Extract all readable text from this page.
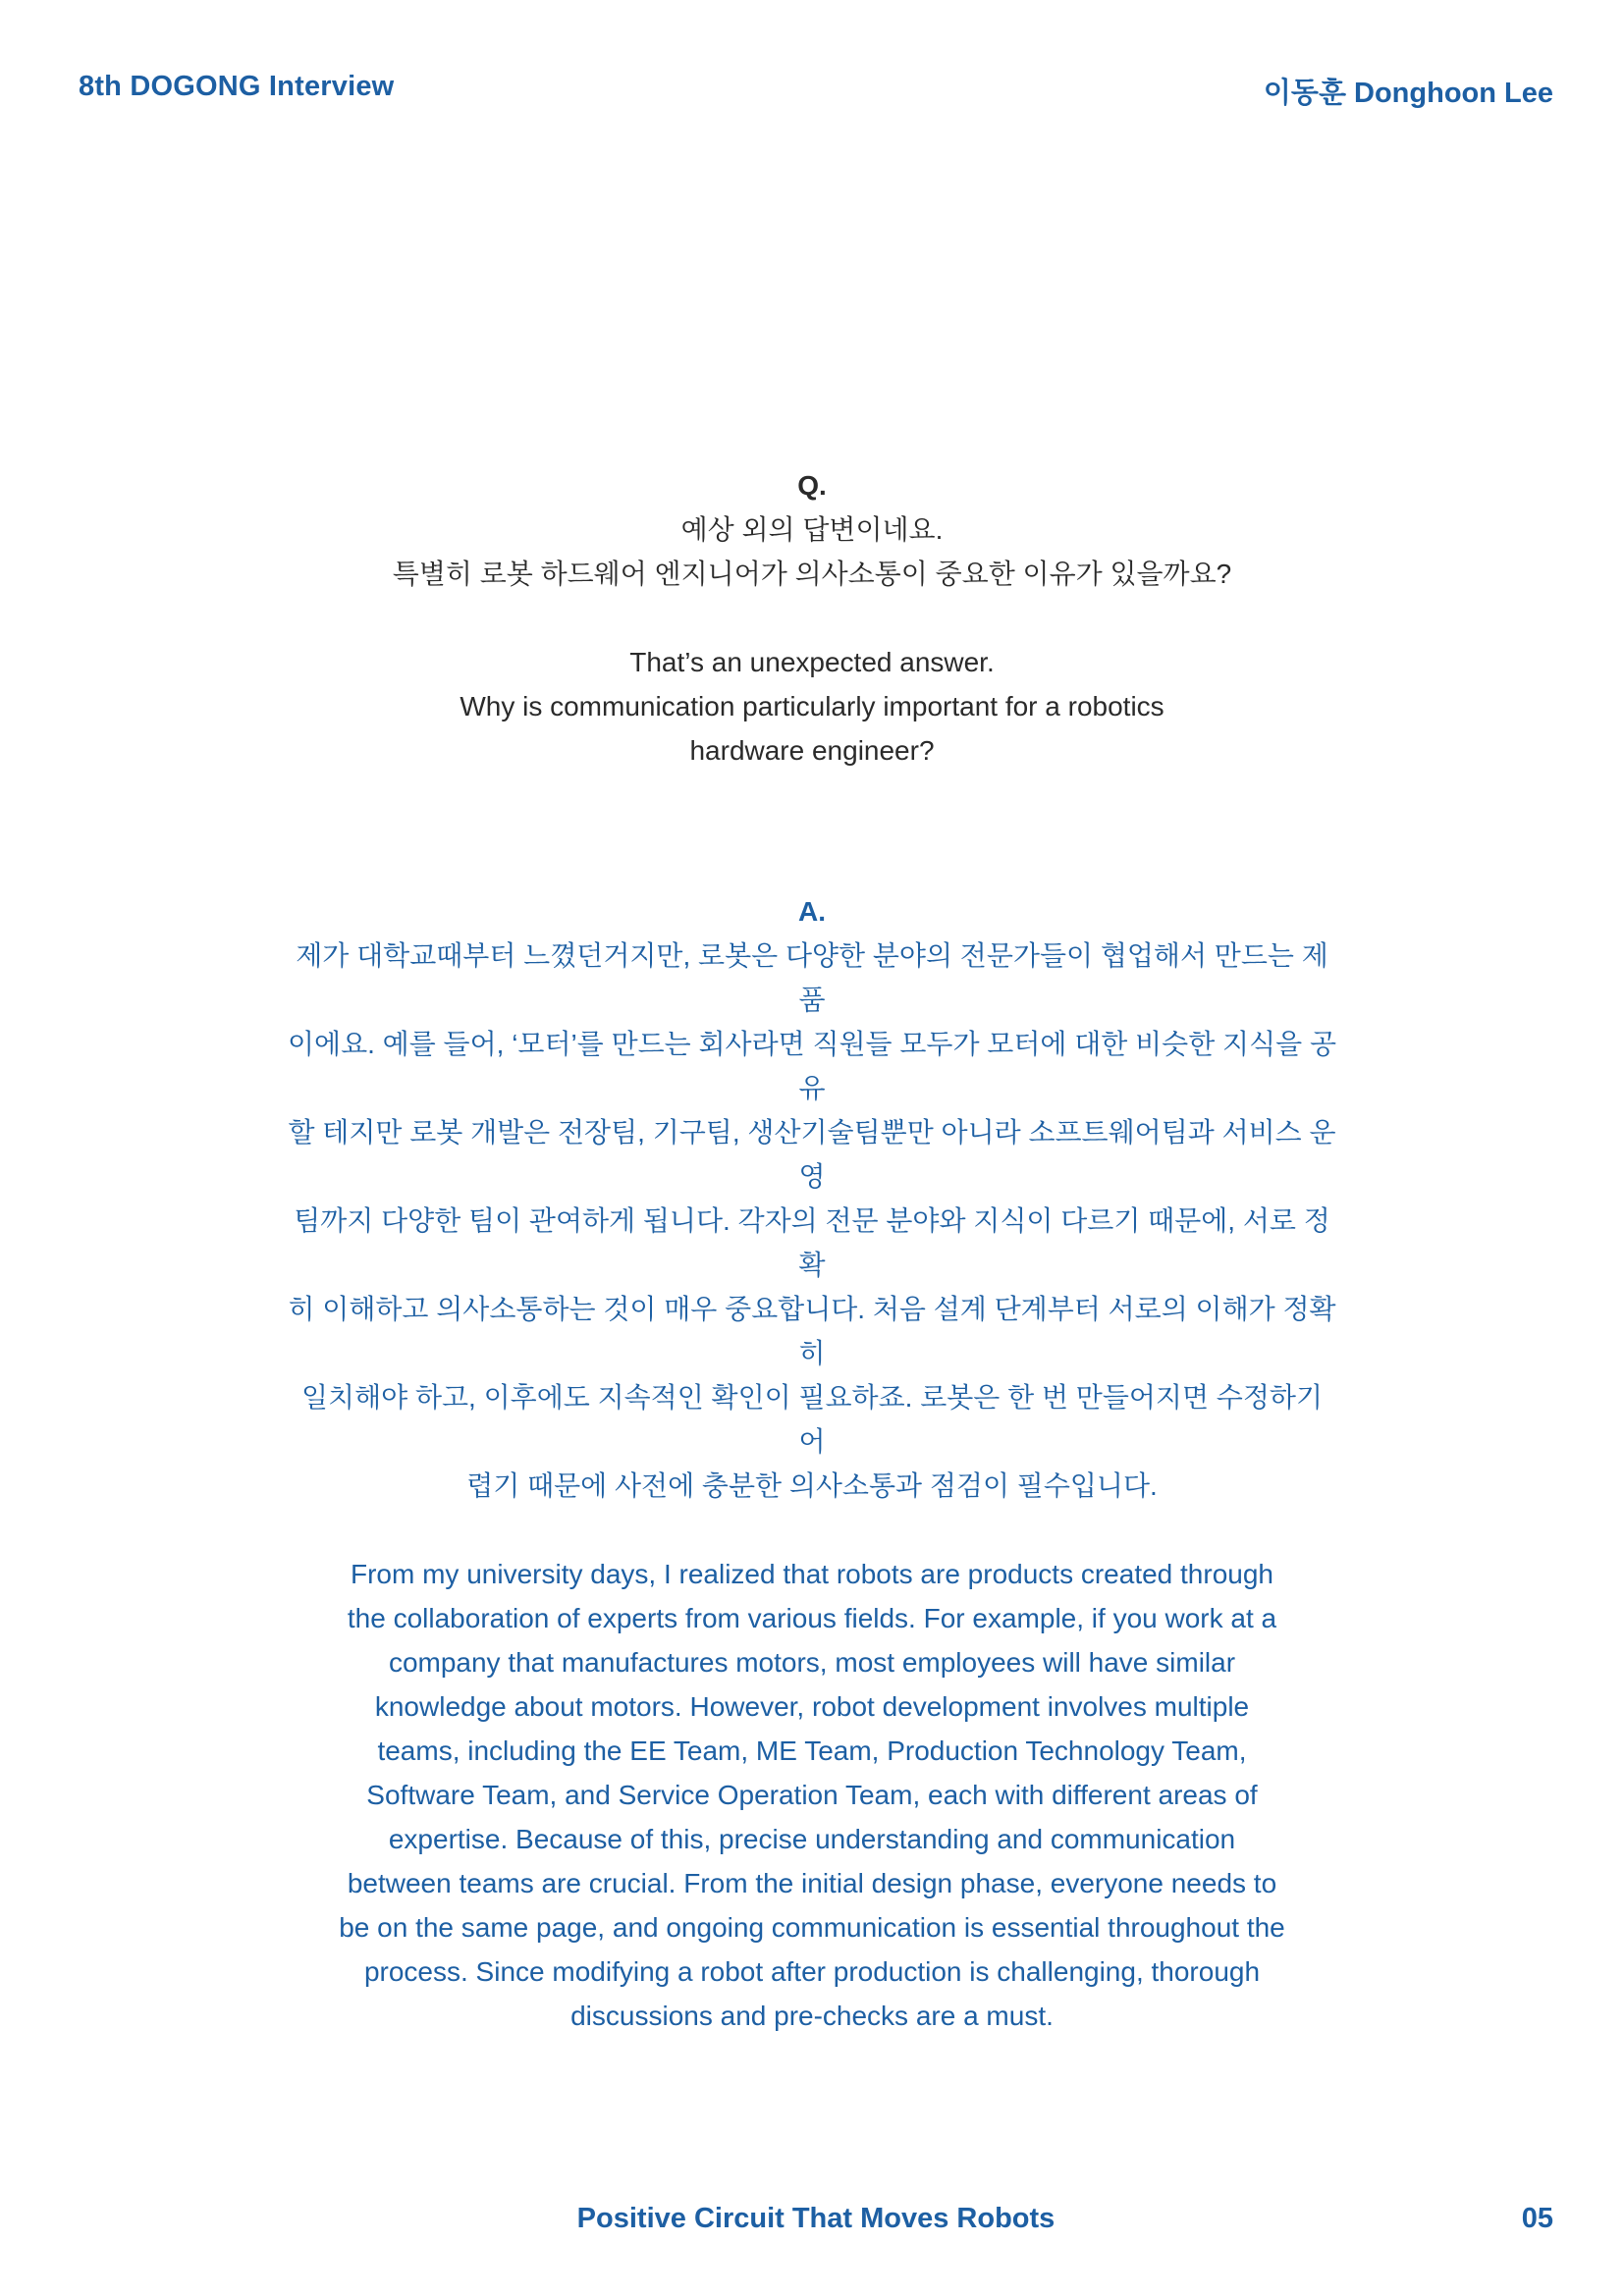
8th DOGONG Interview	이동훈 Donghoon Lee
Q.
예상 외의 답변이네요.
특별히 로봇 하드웨어 엔지니어가 의사소통이 중요한 이유가 있을까요?
That’s an unexpected answer.
Why is communication particularly important for a robotics
hardware engineer?
A.
제가 대학교때부터 느꼈던거지만, 로봇은 다양한 분야의 전문가들이 협업해서 만드는 제품
이에요. 예를 들어, ‘모터’를 만드는 회사라면 직원들 모두가 모터에 대한 비슷한 지식을 공유
할 테지만 로봇 개발은 전장팀, 기구팀, 생산기술팀뿐만 아니라 소프트웨어팀과 서비스 운영
팀까지 다양한 팀이 관여하게 됩니다. 각자의 전문 분야와 지식이 다르기 때문에, 서로 정확
히 이해하고 의사소통하는 것이 매우 중요합니다. 처음 설계 단계부터 서로의 이해가 정확히
일치해야 하고, 이후에도 지속적인 확인이 필요하죠. 로봇은 한 번 만들어지면 수정하기 어
렵기 때문에 사전에 충분한 의사소통과 점검이 필수입니다.
From my university days, I realized that robots are products created through
the collaboration of experts from various fields. For example, if you work at a
company that manufactures motors, most employees will have similar
knowledge about motors. However, robot development involves multiple
teams, including the EE Team, ME Team, Production Technology Team,
Software Team, and Service Operation Team, each with different areas of
expertise. Because of this, precise understanding and communication
between teams are crucial. From the initial design phase, everyone needs to
be on the same page, and ongoing communication is essential throughout the
process. Since modifying a robot after production is challenging, thorough
discussions and pre-checks are a must.
Positive Circuit That Moves Robots	05
